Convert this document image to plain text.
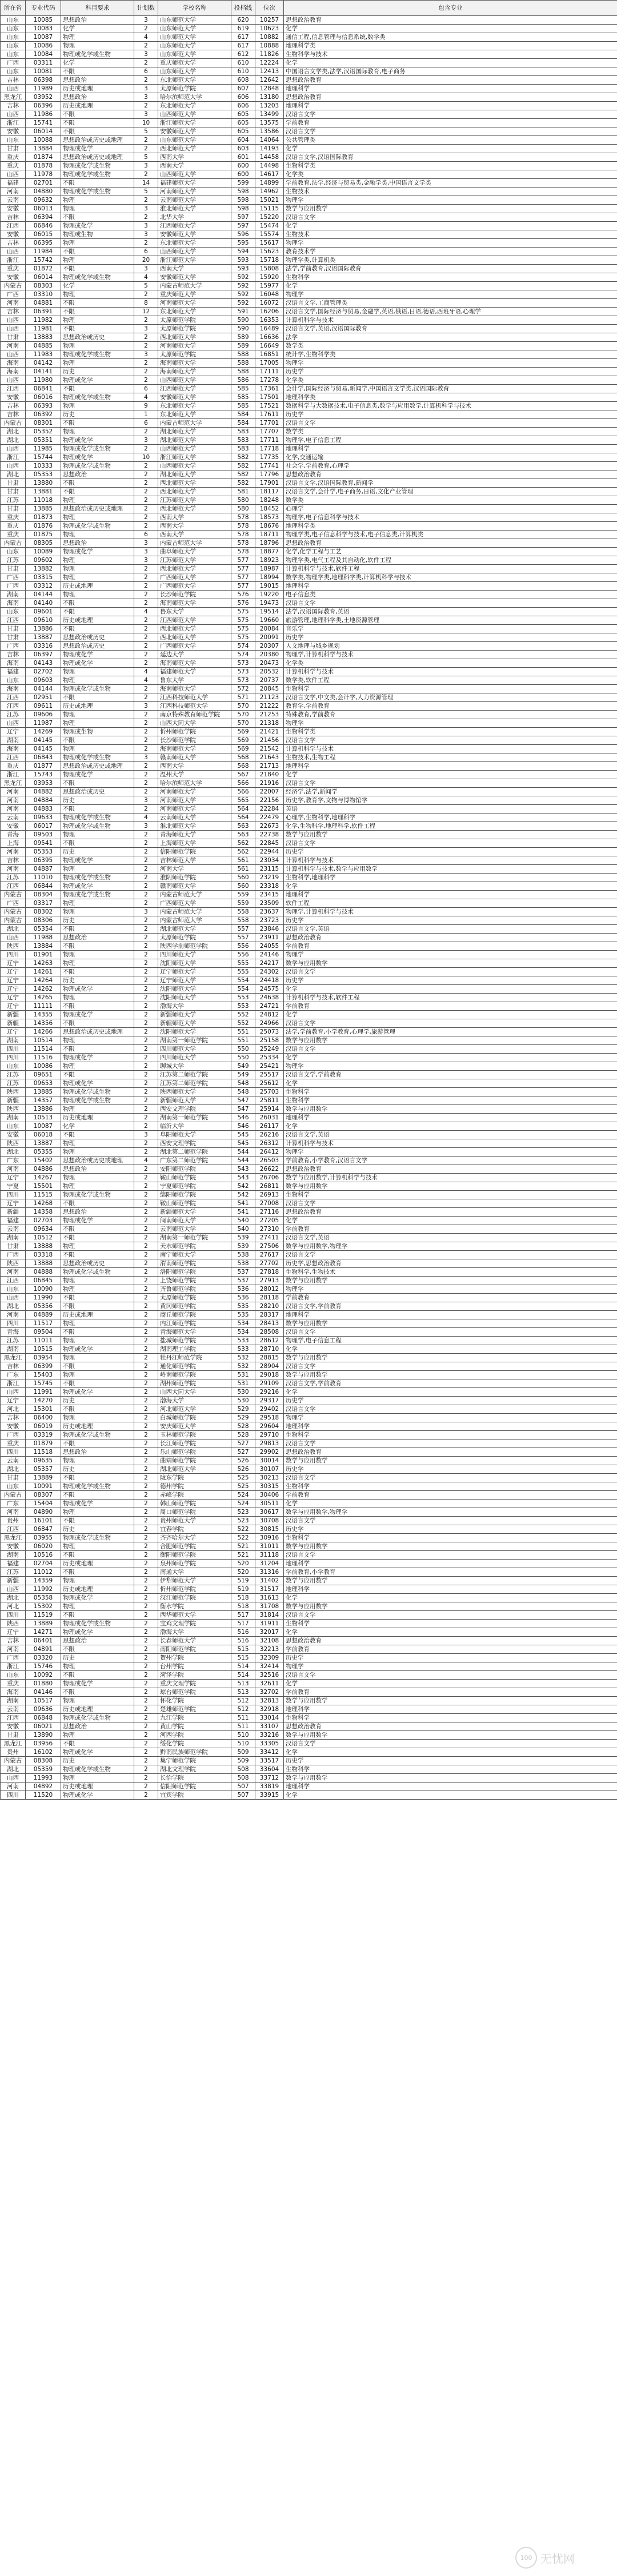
所在省	专业代码	科目要求	计划数	学校名称	投档线	位次	包含专业
山东	10085	思想政治	3	山东师范大学	620	10257	思想政治教育
山东	10083	化学	2	山东师范大学	619	10623	化学
山东	10087	物理	4	山东师范大学	617	10882	通信工程,信息管理与信息系统,数学类
山东	10086	物理	2	山东师范大学	617	10888	地理科学类
山东	10084	物理或化学或生物	3	山东师范大学	612	11826	生物科学与技术
广西	03311	化学	2	重庆师范大学	610	12224	化学
山东	10081	不限	6	山东师范大学	610	12413	中国语言文学类,法学,汉语国际教育,电子商务
吉林	06398	思想政治	2	东北师范大学	608	12642	思想政治教育
山西	11989	历史或地理	3	太原师范学院	607	12848	地理科学
黑龙江	03952	思想政治	3	哈尔滨师范大学	606	13180	思想政治教育
吉林	06396	历史或地理	2	东北师范大学	606	13203	地理科学
山西	11986	不限	3	山西师范大学	605	13499	汉语言文学
浙江	15741	不限	10	浙江师范大学	605	13575	学前教育
安徽	06014	不限	5	安徽师范大学	605	13586	汉语言文学
山东	10088	思想政治或历史或地理	2	山东师范大学	604	14064	公共管理类
甘肃	13884	物理或化学	2	西北师范大学	603	14193	化学
重庆	01874	思想政治或历史或地理	5	西南大学	601	14458	汉语言文学,汉语国际教育
重庆	01878	物理或化学或生物	3	西南大学	600	14498	生物科学类
山西	11978	物理或化学或生物	2	山西师范大学	600	14617	化学类
福建	02701	不限	14	福建师范大学	599	14899	学前教育,法学,经济与贸易类,金融学类,中国语言文学类
河南	04880	物理或化学或生物	5	河南师范大学	598	14962	生物技术
云南	09632	物理	2	云南师范大学	598	15021	物理学
安徽	06013	物理	3	淮北师范大学	598	15115	数学与应用数学
吉林	06394	不限	2	北华大学	597	15220	汉语言文学
江西	06846	物理或化学	3	江西师范大学	597	15474	化学
安徽	06015	物理或生物	3	安徽师范大学	596	15574	生物技术
吉林	06395	物理	2	东北师范大学	595	15617	物理学
山西	11984	不限	6	山西师范大学	594	15623	教育技术学
浙江	15742	物理	20	浙江师范大学	593	15718	物理学类,计算机类
重庆	01872	不限	3	西南大学	593	15808	法学,学前教育,汉语国际教育
安徽	06014	物理或化学或生物	4	安徽师范大学	592	15920	生物科学
内蒙古	08303	化学	5	内蒙古师范大学	592	15977	化学
广西	03310	物理	2	重庆师范大学	592	16048	物理学
河南	04881	不限	8	河南师范大学	592	16072	汉语言文学,工商管理类
吉林	06391	不限	12	东北师范大学	591	16206	汉语言文学,国际经济与贸易,金融学,英语,俄语,日语,德语,西班牙语,心理学
山西	11982	物理	2	太原师范学院	590	16353	计算机科学与技术
山西	11981	不限	3	太原师范学院	590	16489	汉语言文学,英语,汉语国际教育
甘肃	13883	思想政治或历史	2	西北师范大学	589	16636	法学
河南	04885	物理	2	河南师范大学	589	16649	数学类
山西	11983	物理或化学或生物	3	太原师范学院	588	16851	统计学,生物科学类
海南	04142	物理	2	海南师范大学	588	17005	物理学
海南	04141	历史	2	海南师范大学	588	17111	历史学
山西	11980	物理或化学	2	山西师范大学	586	17278	化学类
江西	06841	不限	6	江西师范大学	585	17361	会计学,国际经济与贸易,新闻学,中国语言文学类,汉语国际教育
安徽	06016	物理或化学或生物	4	安徽师范大学	585	17501	地理科学类
吉林	06393	物理	9	东北师范大学	585	17521	数据科学与大数据技术,电子信息类,数学与应用数学,计算机科学与技术
吉林	06392	历史	1	东北师范大学	584	17611	历史学
内蒙古	08301	不限	6	内蒙古师范大学	584	17701	汉语言文学
湖北	05352	物理	2	湖北师范大学	583	17707	数学类
湖北	05351	物理或化学	3	湖北师范大学	583	17711	物理学,电子信息工程
山西	11985	物理或化学或生物	2	山西师范大学	583	17718	地理科学
浙江	15744	物理或化学	10	浙江师范大学	582	17735	化学,交通运输
山西	10333	物理或化学或生物	2	山西师范大学	582	17741	社会学,学前教育,心理学
湖北	05353	思想政治	2	湖北师范大学	582	17796	思想政治教育
甘肃	13880	不限	2	西北师范大学	582	17901	汉语言文学,汉语国际教育,新闻学
甘肃	13881	不限	2	西北师范大学	581	18117	汉语言文学,会计学,电子商务,日语,文化产业管理
江苏	11018	物理	2	江苏师范大学	580	18248	数学类
甘肃	13885	思想政治或历史或地理	2	西北师范大学	580	18452	心理学
重庆	01873	物理	2	西南大学	578	18573	物理学,电子信息科学与技术
重庆	01876	物理或化学或生物	2	西南大学	578	18676	地理科学类
重庆	01875	物理	6	西南大学	578	18711	物理学类,电子信息科学与技术,电子信息类,计算机类
内蒙古	08305	思想政治	3	内蒙古师范大学	578	18796	思想政治教育
山东	10089	物理或化学	3	曲阜师范大学	578	18877	化学,化学工程与工艺
江苏	09602	物理	3	江苏师范大学	577	18923	物理学类,电气工程及其自动化,软件工程
甘肃	13882	物理	2	西北师范大学	577	18987	计算机科学与技术,软件工程
广西	03315	物理	2	广西师范大学	577	18994	数学类,物理学类,地理科学类,计算机科学与技术
广西	03312	历史或地理	2	广西师范大学	577	19015	地理科学
湖南	04144	物理	2	长沙师范学院	576	19220	电子信息类
海南	04140	不限	2	海南师范大学	576	19473	汉语言文学
山东	09601	不限	4	鲁东大学	575	19514	法学,汉语国际教育,英语
江西	09610	历史或地理	2	江西师范大学	575	19660	旅游管理,地理科学类,土地资源管理
甘肃	13886	不限	2	西北师范大学	575	20084	音乐学
甘肃	13887	思想政治或历史	2	西北师范大学	575	20091	历史学
广西	03316	思想政治或历史	2	广西师范大学	574	20307	人文地理与城乡规划
吉林	06397	物理或化学	2	延边大学	574	20380	物理学,计算机科学与技术
海南	04143	物理或化学	2	海南师范大学	573	20473	化学类
福建	02702	物理	4	福建师范大学	573	20532	计算机科学与技术
山东	09603	物理	4	鲁东大学	573	20737	数学类,软件工程
海南	04144	物理或化学或生物	2	海南师范大学	572	20845	生物科学
江西	02951	不限	2	江西科技师范大学	571	21123	汉语言文学,中文类,会计学,人力资源管理
江西	09611	历史或地理	3	江西科技师范大学	570	21222	教育学,学前教育
江苏	09606	物理	2	南京特殊教育师范学院	570	21253	特殊教育,学前教育
山西	11987	物理	2	山西大同大学	570	21318	物理学
辽宁	14269	物理或生物	2	忻州师范学院	569	21421	生物科学类
湖南	04145	不限	2	长沙师范学院	569	21456	汉语言文学
海南	04145	物理	2	海南师范大学	569	21542	计算机科学与技术
江西	06843	物理或化学或生物	3	赣南师范大学	568	21643	生物技术,生物工程
重庆	01877	思想政治或历史或地理	2	西南大学	568	21713	地理科学
浙江	15743	物理或化学	2	温州大学	567	21840	化学
黑龙江	03953	不限	2	哈尔滨师范大学	566	21916	汉语言文学
河南	04882	思想政治或历史	2	河南师范大学	566	22007	经济学,法学,新闻学
河南	04884	历史	3	河南师范大学	565	22156	历史学,教育学,文物与博物馆学
河南	04883	不限	2	河南师范大学	564	22284	英语
云南	09633	物理或化学或生物	4	云南师范大学	564	22479	心理学,生物科学,地理科学
安徽	06017	物理或化学或生物	3	淮北师范大学	563	22673	化学,生物科学,地理科学,软件工程
青海	09503	物理	2	青海师范大学	563	22738	数学与应用数学
上海	09541	不限	2	上海师范大学	562	22845	汉语言文学
河南	05353	历史	2	信阳师范学院	562	22944	历史学
吉林	06395	物理或化学	2	吉林师范大学	561	23034	计算机科学与技术
河南	04887	物理	2	河南大学	561	23115	计算机科学与技术,数学与应用数学
江苏	11010	物理或化学或生物	2	淮阴师范学院	560	23219	生物科学,地理科学
江西	06844	物理或化学	2	赣南师范大学	560	23318	化学
内蒙古	08304	物理或化学或生物	2	内蒙古师范大学	559	23415	地理科学
广西	03317	物理	2	广西师范大学	559	23509	软件工程
内蒙古	08302	物理	3	内蒙古师范大学	558	23637	物理学,计算机科学与技术
内蒙古	08306	历史	2	内蒙古师范大学	558	23723	历史学
湖北	05354	不限	2	湖北师范大学	557	23846	汉语言文学,英语
山西	11988	思想政治	2	太原师范学院	557	23911	思想政治教育
陕西	13884	不限	2	陕西学前师范学院	556	24055	学前教育
四川	01901	物理	2	四川师范大学	556	24146	物理学
辽宁	14263	物理	2	沈阳师范大学	555	24217	数学与应用数学
辽宁	14261	不限	2	辽宁师范大学	555	24302	汉语言文学
辽宁	14264	历史	2	辽宁师范大学	554	24418	历史学
辽宁	14262	物理或化学	2	沈阳师范大学	554	24575	化学
辽宁	14265	物理	2	沈阳师范大学	553	24638	计算机科学与技术,软件工程
辽宁	11111	不限	2	渤海大学	553	24721	学前教育
新疆	14355	物理或化学	2	新疆师范大学	552	24812	化学
新疆	14356	不限	2	新疆师范大学	552	24966	汉语言文学
辽宁	14266	思想政治或历史或地理	2	沈阳师范大学	551	25073	法学,学前教育,小学教育,心理学,旅游管理
湖南	10514	物理	2	湖南第一师范学院	551	25158	数学与应用数学
四川	11514	不限	2	四川师范大学	550	25249	汉语言文学
四川	11516	物理或化学	2	四川师范大学	550	25334	化学
山东	10086	物理	2	聊城大学	549	25421	物理学
江苏	09651	不限	2	江苏第二师范学院	549	25517	汉语言文学,学前教育
江苏	09653	物理或化学	2	江苏第二师范学院	548	25612	化学
陕西	13885	物理或化学或生物	2	陕西师范大学	548	25703	生物科学
新疆	14357	物理或化学或生物	2	新疆师范大学	547	25811	生物科学
陕西	13886	物理	2	西安文理学院	547	25914	数学与应用数学
湖南	10513	历史或地理	2	湖南第一师范学院	546	26031	地理科学
山东	10087	化学	2	临沂大学	546	26117	化学
安徽	06018	不限	3	阜阳师范大学	545	26216	汉语言文学,英语
陕西	13887	物理	2	西安文理学院	545	26312	计算机科学与技术
湖北	05355	物理	2	湖北第二师范学院	544	26412	物理学
广东	15402	思想政治或历史或地理	4	广东第二师范学院	544	26503	学前教育,小学教育,汉语言文学
河南	04886	思想政治	2	安阳师范学院	543	26622	思想政治教育
辽宁	14267	物理	2	鞍山师范学院	543	26706	数学与应用数学,计算机科学与技术
宁夏	15501	物理	2	宁夏师范学院	542	26811	数学与应用数学
四川	11515	物理或化学或生物	2	绵阳师范学院	542	26913	生物科学
辽宁	14268	不限	2	鞍山师范学院	541	27008	汉语言文学
新疆	14358	思想政治	2	新疆师范大学	541	27116	思想政治教育
福建	02703	物理或化学	2	闽南师范大学	540	27205	化学
云南	09634	不限	2	云南师范大学	540	27310	学前教育
湖南	10512	不限	2	湖南第一师范学院	539	27411	汉语言文学,英语
甘肃	13888	物理	2	天水师范学院	539	27506	数学与应用数学,物理学
广西	03318	不限	2	南宁师范大学	538	27617	汉语言文学
陕西	13888	思想政治或历史	2	渭南师范学院	538	27702	历史学,思想政治教育
河南	04888	物理或化学或生物	2	洛阳师范学院	537	27818	生物科学,生物技术
江西	06845	物理	2	上饶师范学院	537	27913	数学与应用数学
山东	10090	物理	2	齐鲁师范学院	536	28012	物理学
山西	11990	不限	2	太原师范学院	536	28118	学前教育
湖北	05356	不限	2	黄冈师范学院	535	28210	汉语言文学,学前教育
河南	04889	历史或地理	2	商丘师范学院	535	28317	地理科学
四川	11517	物理	2	内江师范学院	534	28413	数学与应用数学
青海	09504	不限	2	青海师范大学	534	28508	汉语言文学
江苏	11011	物理	2	盐城师范学院	533	28612	物理学,电子信息工程
湖南	10515	物理或化学	2	湖南理工学院	533	28710	化学
黑龙江	03954	物理	2	牡丹江师范学院	532	28815	数学与应用数学
吉林	06399	不限	2	通化师范学院	532	28904	汉语言文学
广东	15403	物理	2	岭南师范学院	531	29018	数学与应用数学
浙江	15745	不限	2	湖州师范学院	531	29109	汉语言文学,学前教育
山西	11991	物理或化学	2	山西大同大学	530	29216	化学
辽宁	14270	历史	2	渤海大学	530	29317	历史学
河北	15301	不限	2	河北师范大学	529	29402	汉语言文学
吉林	06400	物理	2	白城师范学院	529	29518	物理学
安徽	06019	历史或地理	2	安庆师范大学	528	29604	地理科学
广西	03319	物理或化学或生物	2	玉林师范学院	528	29710	生物科学
重庆	01879	不限	2	长江师范学院	527	29813	汉语言文学
四川	11518	思想政治	2	乐山师范学院	527	29902	思想政治教育
云南	09635	物理	2	曲靖师范学院	526	30014	数学与应用数学
湖北	05357	历史	2	湖北师范大学	526	30107	历史学
甘肃	13889	不限	2	陇东学院	525	30213	汉语言文学
山东	10091	物理或化学或生物	2	德州学院	525	30315	生物科学
内蒙古	08307	不限	2	赤峰学院	524	30406	学前教育
广东	15404	物理或化学	2	韩山师范学院	524	30511	化学
河南	04890	物理	2	周口师范学院	523	30617	数学与应用数学,物理学
贵州	16101	不限	2	贵州师范大学	523	30708	汉语言文学
江西	06847	历史	2	宜春学院	522	30815	历史学
黑龙江	03955	物理或化学或生物	2	齐齐哈尔大学	522	30916	生物科学
安徽	06020	物理	2	合肥师范学院	521	31011	数学与应用数学
湖南	10516	不限	2	衡阳师范学院	521	31118	汉语言文学
福建	02704	历史或地理	2	泉州师范学院	520	31204	地理科学
江苏	11012	不限	2	南通大学	520	31316	学前教育,小学教育
新疆	14359	物理	2	伊犁师范大学	519	31402	数学与应用数学
山西	11992	历史或地理	2	忻州师范学院	519	31517	地理科学
湖北	05358	物理或化学	2	汉江师范学院	518	31613	化学
河北	15302	物理	2	衡水学院	518	31708	数学与应用数学
四川	11519	不限	2	西华师范大学	517	31814	汉语言文学
陕西	13889	物理或化学或生物	2	宝鸡文理学院	517	31911	生物科学
辽宁	14271	物理或化学	2	渤海大学	516	32017	化学
吉林	06401	思想政治	2	长春师范大学	516	32108	思想政治教育
河南	04891	不限	2	南阳师范学院	515	32213	学前教育
广西	03320	历史	2	贺州学院	515	32309	历史学
浙江	15746	物理	2	台州学院	514	32414	物理学
山东	10092	不限	2	菏泽学院	514	32516	汉语言文学
重庆	01880	物理或化学	2	重庆文理学院	513	32611	化学
海南	04146	不限	2	琼台师范学院	513	32702	学前教育
湖南	10517	物理	2	怀化学院	512	32813	数学与应用数学
云南	09636	历史或地理	2	楚雄师范学院	512	32918	地理科学
江西	06848	物理或化学或生物	2	九江学院	511	33014	生物科学
安徽	06021	思想政治	2	黄山学院	511	33107	思想政治教育
甘肃	13890	物理	2	河西学院	510	33216	数学与应用数学
黑龙江	03956	不限	2	绥化学院	510	33305	汉语言文学
贵州	16102	物理或化学	2	黔南民族师范学院	509	33412	化学
内蒙古	08308	历史	2	集宁师范学院	509	33517	历史学
湖北	05359	物理或化学或生物	2	湖北文理学院	508	33604	生物科学
山西	11993	物理	2	长治学院	508	33712	数学与应用数学
河南	04892	历史或地理	2	信阳师范学院	507	33819	地理科学
四川	11520	物理或化学	2	宜宾学院	507	33915	化学
100 无忧网
